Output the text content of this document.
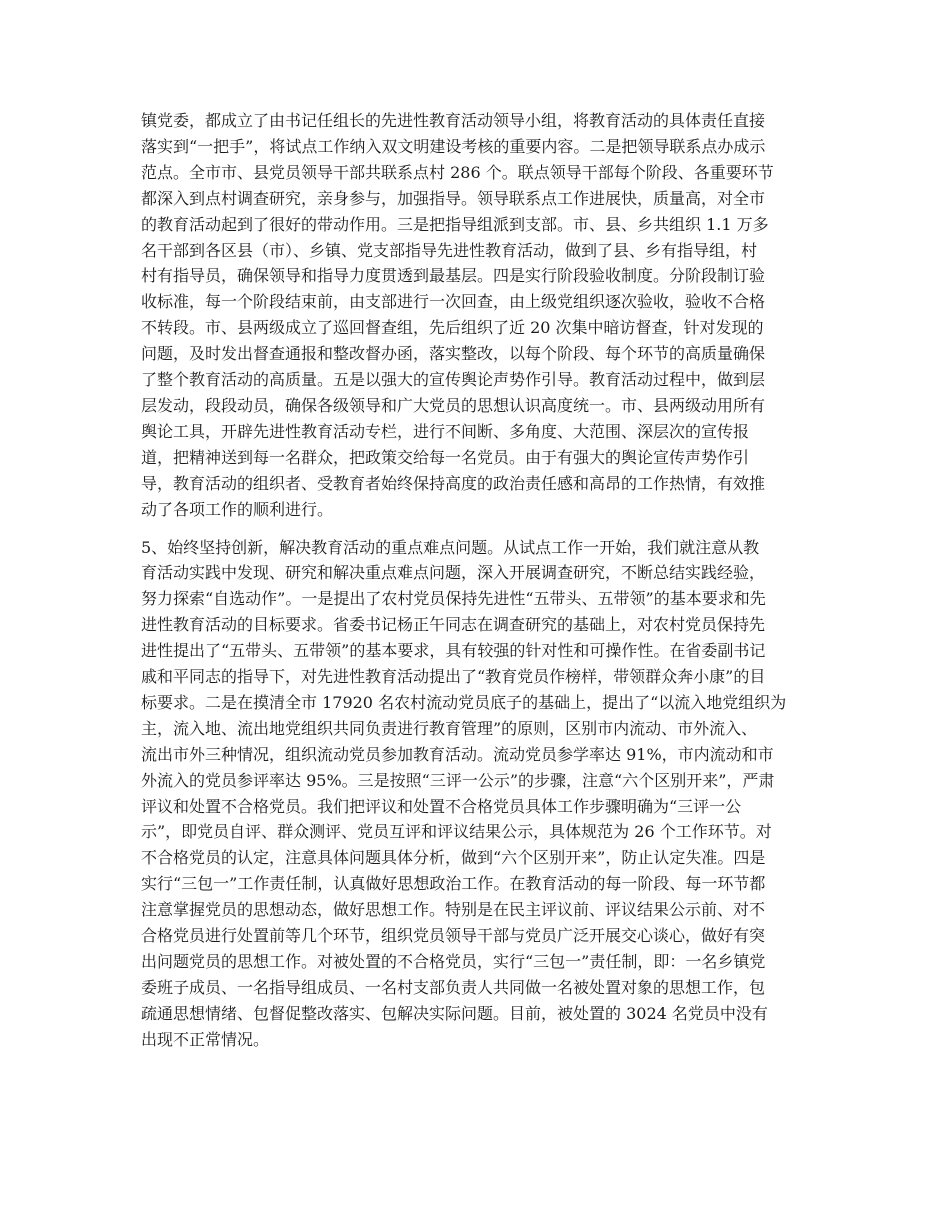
镇党委，都成立了由书记任组长的先进性教育活动领导小组，将教育活动的具体责任直接
落实到“一把手”，将试点工作纳入双文明建设考核的重要内容。二是把领导联系点办成示
范点。全市市、县党员领导干部共联系点村 286 个。联点领导干部每个阶段、各重要环节
都深入到点村调查研究，亲身参与，加强指导。领导联系点工作进展快，质量高，对全市
的教育活动起到了很好的带动作用。三是把指导组派到支部。市、县、乡共组织 1.1 万多
名干部到各区县（市）、乡镇、党支部指导先进性教育活动，做到了县、乡有指导组，村
村有指导员，确保领导和指导力度贯透到最基层。四是实行阶段验收制度。分阶段制订验
收标准，每一个阶段结束前，由支部进行一次回查，由上级党组织逐次验收，验收不合格
不转段。市、县两级成立了巡回督查组，先后组织了近 20 次集中暗访督查，针对发现的
问题，及时发出督查通报和整改督办函，落实整改，以每个阶段、每个环节的高质量确保
了整个教育活动的高质量。五是以强大的宣传舆论声势作引导。教育活动过程中，做到层
层发动，段段动员，确保各级领导和广大党员的思想认识高度统一。市、县两级动用所有
舆论工具，开辟先进性教育活动专栏，进行不间断、多角度、大范围、深层次的宣传报
道，把精神送到每一名群众，把政策交给每一名党员。由于有强大的舆论宣传声势作引
导，教育活动的组织者、受教育者始终保持高度的政治责任感和高昂的工作热情，有效推
动了各项工作的顺利进行。
5、始终坚持创新，解决教育活动的重点难点问题。从试点工作一开始，我们就注意从教
育活动实践中发现、研究和解决重点难点问题，深入开展调查研究，不断总结实践经验，
努力探索“自选动作”。一是提出了农村党员保持先进性“五带头、五带领”的基本要求和先
进性教育活动的目标要求。省委书记杨正午同志在调查研究的基础上，对农村党员保持先
进性提出了“五带头、五带领”的基本要求，具有较强的针对性和可操作性。在省委副书记
戚和平同志的指导下，对先进性教育活动提出了“教育党员作榜样，带领群众奔小康”的目
标要求。二是在摸清全市 17920 名农村流动党员底子的基础上，提出了“以流入地党组织为
主，流入地、流出地党组织共同负责进行教育管理”的原则，区别市内流动、市外流入、
流出市外三种情况，组织流动党员参加教育活动。流动党员参学率达 91%，市内流动和市
外流入的党员参评率达 95%。三是按照“三评一公示”的步骤，注意“六个区别开来”，严肃
评议和处置不合格党员。我们把评议和处置不合格党员具体工作步骤明确为“三评一公
示”，即党员自评、群众测评、党员互评和评议结果公示，具体规范为 26 个工作环节。对
不合格党员的认定，注意具体问题具体分析，做到“六个区别开来”，防止认定失准。四是
实行“三包一”工作责任制，认真做好思想政治工作。在教育活动的每一阶段、每一环节都
注意掌握党员的思想动态，做好思想工作。特别是在民主评议前、评议结果公示前、对不
合格党员进行处置前等几个环节，组织党员领导干部与党员广泛开展交心谈心，做好有突
出问题党员的思想工作。对被处置的不合格党员，实行“三包一”责任制，即：一名乡镇党
委班子成员、一名指导组成员、一名村支部负责人共同做一名被处置对象的思想工作，包
疏通思想情绪、包督促整改落实、包解决实际问题。目前，被处置的 3024 名党员中没有
出现不正常情况。
